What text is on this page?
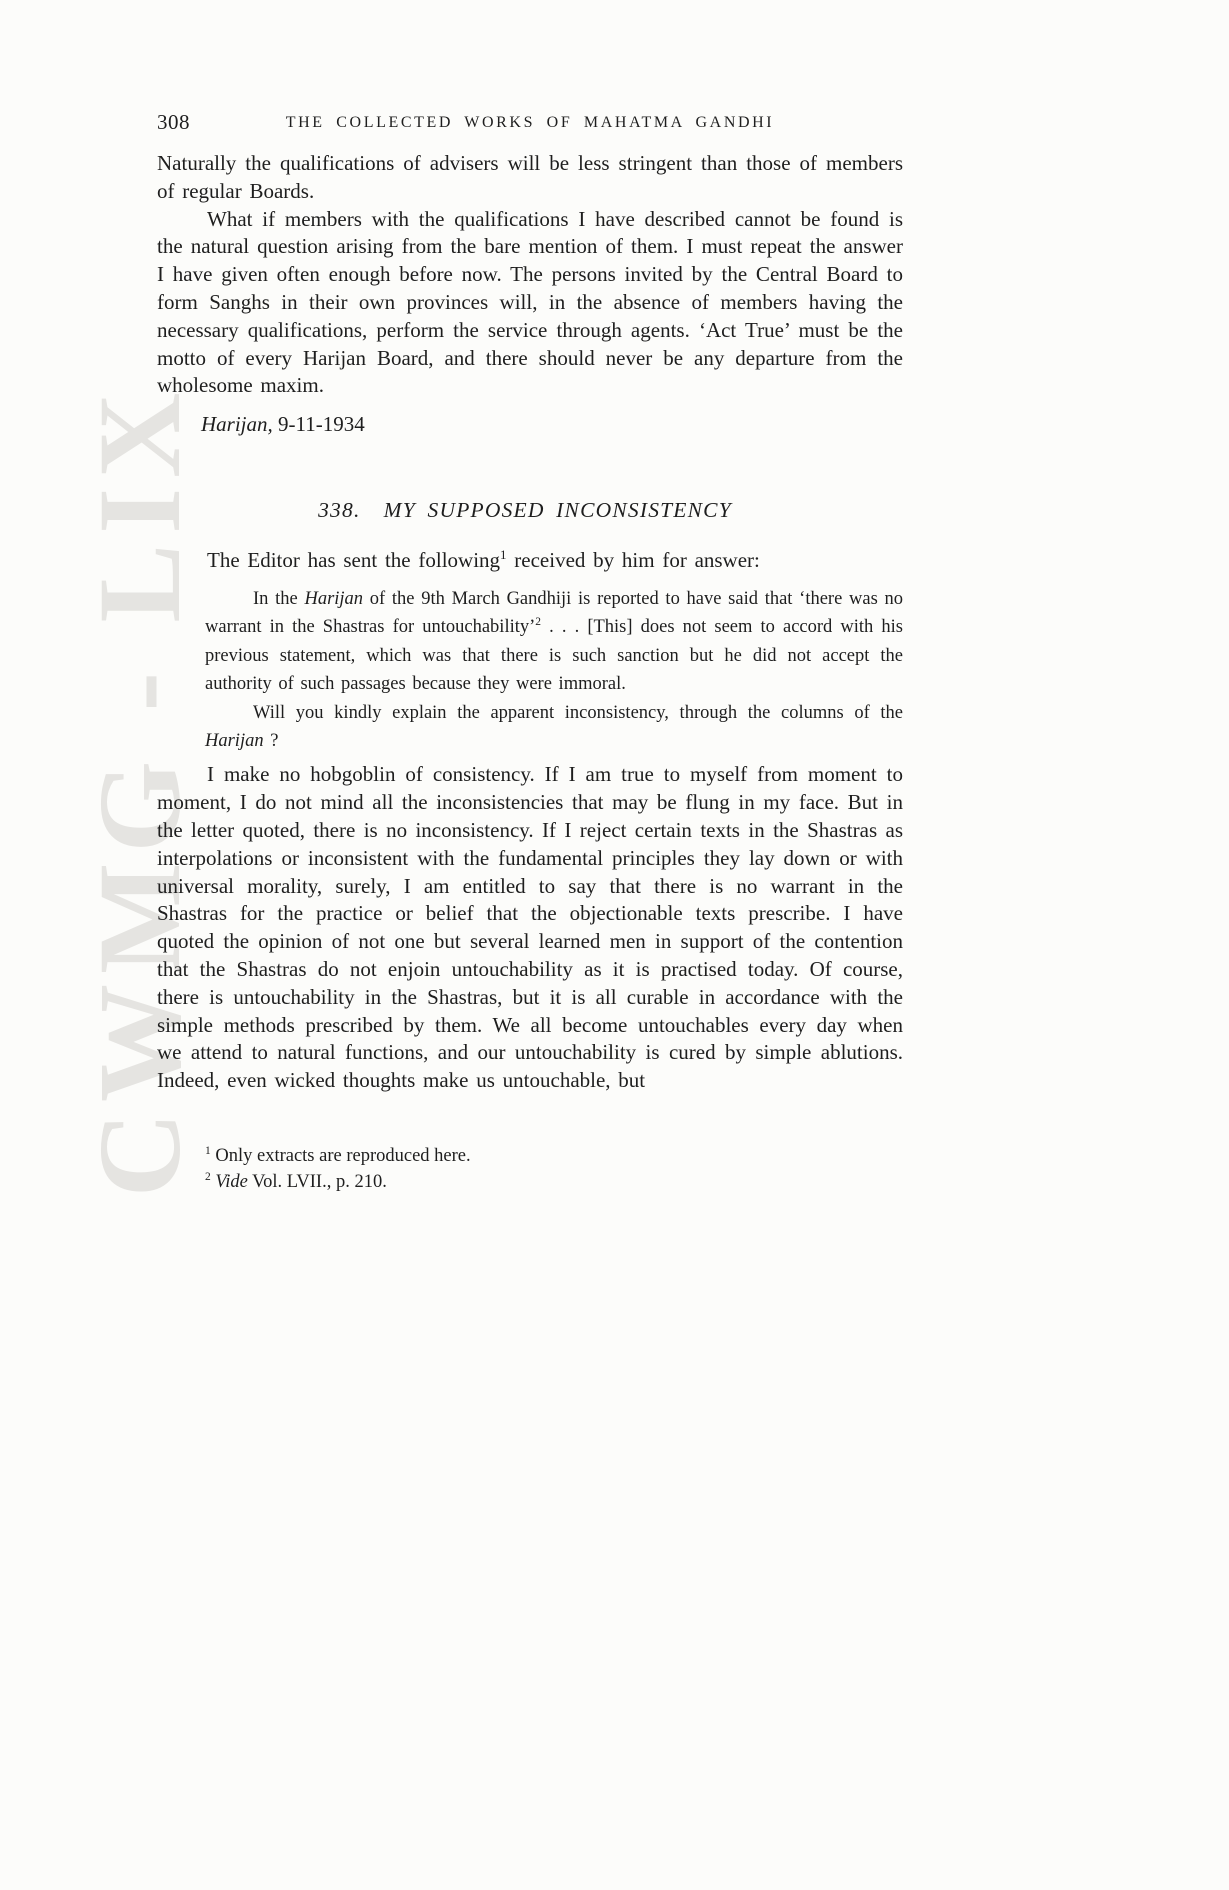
CWMG - LIX
308	THE COLLECTED WORKS OF MAHATMA GANDHI

Naturally the qualifications of advisers will be less stringent than those of members of regular Boards.

What if members with the qualifications I have described cannot be found is the natural question arising from the bare mention of them. I must repeat the answer I have given often enough before now. The persons invited by the Central Board to form Sanghs in their own provinces will, in the absence of members having the necessary qualifications, perform the service through agents. ‘Act True’ must be the motto of every Harijan Board, and there should never be any departure from the wholesome maxim.

Harijan, 9-11-1934

338.  MY SUPPOSED INCONSISTENCY

The Editor has sent the following$^1$ received by him for answer:

In the Harijan of the 9th March Gandhiji is reported to have said that ‘there was no warrant in the Shastras for untouchability’$^2$ . . . [This] does not seem to accord with his previous statement, which was that there is such sanction but he did not accept the authority of such passages because they were immoral.

Will you kindly explain the apparent inconsistency, through the columns of the Harijan ?

I make no hobgoblin of consistency. If I am true to myself from moment to moment, I do not mind all the inconsistencies that may be flung in my face. But in the letter quoted, there is no inconsistency. If I reject certain texts in the Shastras as interpolations or inconsistent with the fundamental principles they lay down or with universal morality, surely, I am entitled to say that there is no warrant in the Shastras for the practice or belief that the objectionable texts prescribe. I have quoted the opinion of not one but several learned men in support of the contention that the Shastras do not enjoin untouchability as it is practised today. Of course, there is untouchability in the Shastras, but it is all curable in accordance with the simple methods prescribed by them. We all become untouchables every day when we attend to natural functions, and our untouchability is cured by simple ablutions. Indeed, even wicked thoughts make us untouchable, but

$^1$ Only extracts are reproduced here.

$^2$ Vide Vol. LVII., p. 210.
